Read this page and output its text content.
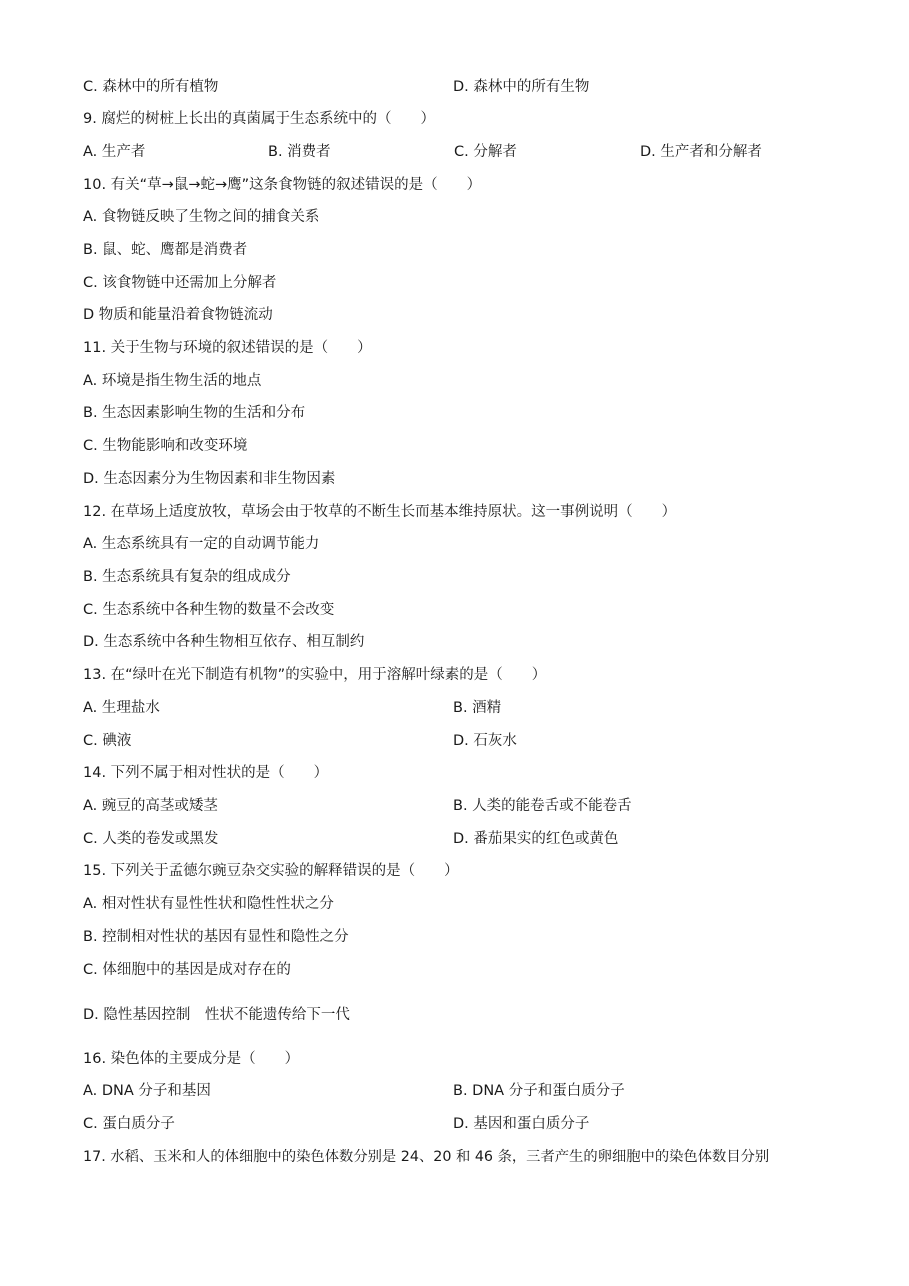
C. 森林中的所有植物	D. 森林中的所有生物
9. 腐烂的树桩上长出的真菌属于生态系统中的（　　）
A. 生产者	B. 消费者	C. 分解者	D. 生产者和分解者
10. 有关“草→鼠→蛇→鹰”这条食物链的叙述错误的是（　　）
A. 食物链反映了生物之间的捕食关系
B. 鼠、蛇、鹰都是消费者
C. 该食物链中还需加上分解者
D 物质和能量沿着食物链流动
11. 关于生物与环境的叙述错误的是（　　）
A. 环境是指生物生活的地点
B. 生态因素影响生物的生活和分布
C. 生物能影响和改变环境
D. 生态因素分为生物因素和非生物因素
12. 在草场上适度放牧，草场会由于牧草的不断生长而基本维持原状。这一事例说明（　　）
A. 生态系统具有一定的自动调节能力
B. 生态系统具有复杂的组成成分
C. 生态系统中各种生物的数量不会改变
D. 生态系统中各种生物相互依存、相互制约
13. 在“绿叶在光下制造有机物”的实验中，用于溶解叶绿素的是（　　）
A. 生理盐水	B. 酒精
C. 碘液	D. 石灰水
14. 下列不属于相对性状的是（　　）
A. 豌豆的高茎或矮茎	B. 人类的能卷舌或不能卷舌
C. 人类的卷发或黑发	D. 番茄果实的红色或黄色
15. 下列关于孟德尔豌豆杂交实验的解释错误的是（　　）
A. 相对性状有显性性状和隐性性状之分
B. 控制相对性状的基因有显性和隐性之分
C. 体细胞中的基因是成对存在的
D. 隐性基因控制　性状不能遗传给下一代
16. 染色体的主要成分是（　　）
A. DNA 分子和基因	B. DNA 分子和蛋白质分子
C. 蛋白质分子	D. 基因和蛋白质分子
17. 水稻、玉米和人的体细胞中的染色体数分别是 24、20 和 46 条，三者产生的卵细胞中的染色体数目分别
